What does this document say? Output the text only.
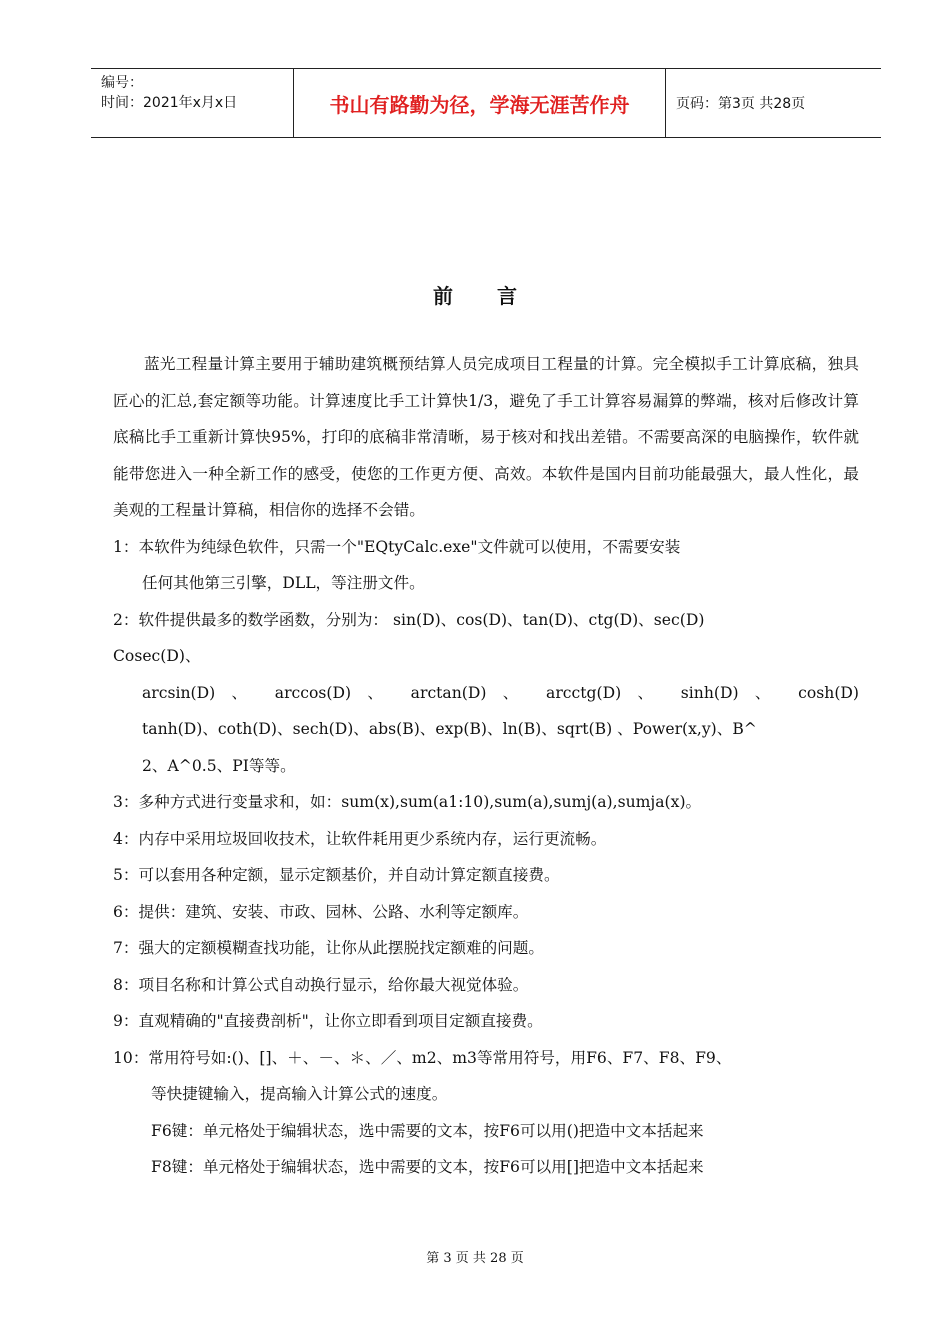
编号：
时间：2021年x月x日	书山有路勤为径，学海无涯苦作舟	页码：第3页 共28页
前言

蓝光工程量计算主要用于辅助建筑概预结算人员完成项目工程量的计算。完全模拟手工计算底稿，独具匠心的汇总,套定额等功能。计算速度比手工计算快1/3，避免了手工计算容易漏算的弊端，核对后修改计算底稿比手工重新计算快95%，打印的底稿非常清晰，易于核对和找出差错。不需要高深的电脑操作，软件就能带您进入一种全新工作的感受，使您的工作更方便、高效。本软件是国内目前功能最强大，最人性化，最美观的工程量计算稿，相信你的选择不会错。

1：本软件为纯绿色软件，只需一个"EQtyCalc.exe"文件就可以使用，不需要安装

任何其他第三引擎，DLL，等注册文件。

2：软件提供最多的数学函数，分别为： sin(D)、cos(D)、tan(D)、ctg(D)、sec(D)

Cosec(D)、

arcsin(D) 、 arccos(D) 、 arctan(D) 、 arcctg(D) 、 sinh(D) 、 cosh(D)

tanh(D)、coth(D)、sech(D)、abs(B)、exp(B)、ln(B)、sqrt(B) 、Power(x,y)、B^

2、A^0.5、PI等等。

3：多种方式进行变量求和，如：sum(x),sum(a1:10),sum(a),sumj(a),sumja(x)。

4：内存中采用垃圾回收技术，让软件耗用更少系统内存，运行更流畅。

5：可以套用各种定额，显示定额基价，并自动计算定额直接费。

6：提供：建筑、安装、市政、园林、公路、水利等定额库。

7：强大的定额模糊查找功能，让你从此摆脱找定额难的问题。

8：项目名称和计算公式自动换行显示，给你最大视觉体验。

9：直观精确的"直接费剖析"，让你立即看到项目定额直接费。

10：常用符号如:()、[]、＋、－、＊、／、m2、m3等常用符号，用F6、F7、F8、F9、

等快捷键输入，提高输入计算公式的速度。

F6键：单元格处于编辑状态，选中需要的文本，按F6可以用()把造中文本括起来

F8键：单元格处于编辑状态，选中需要的文本，按F6可以用[]把造中文本括起来

第 3 页 共 28 页
